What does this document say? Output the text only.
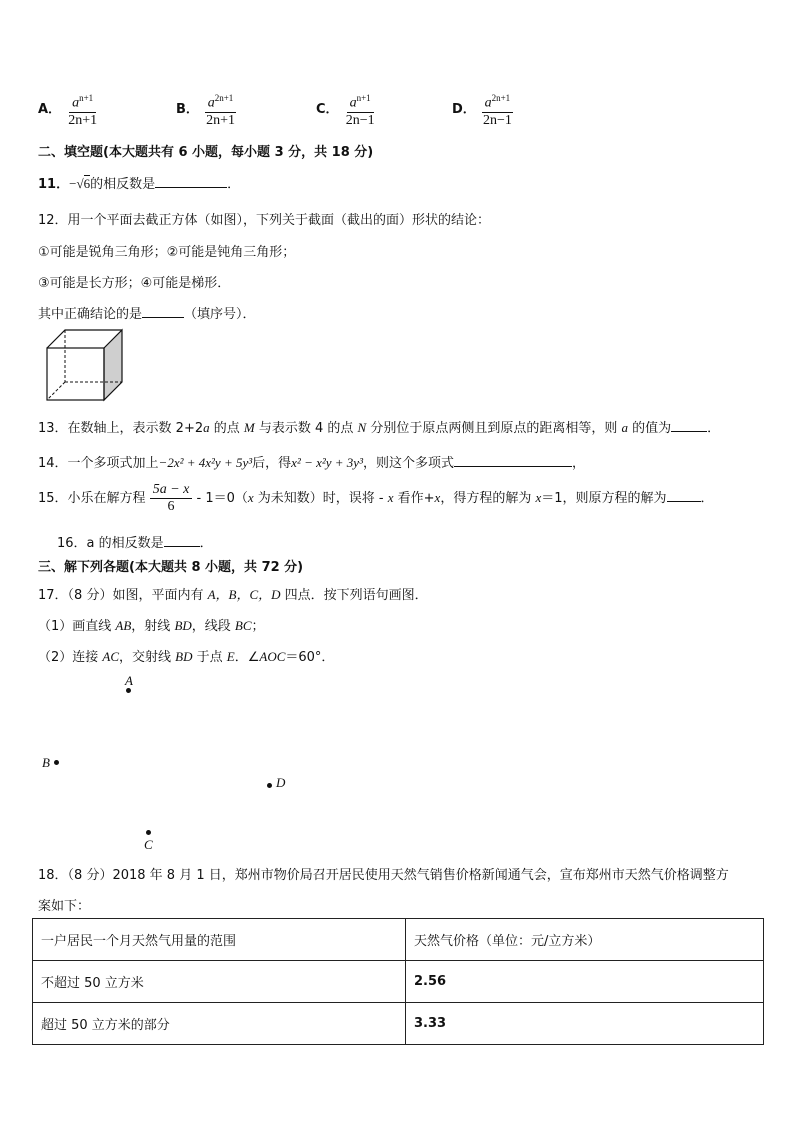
A． $\frac{a^{n+1}}{2n+1}$	B． $\frac{a^{2n+1}}{2n+1}$	C． $\frac{a^{n+1}}{2n-1}$	D． $\frac{a^{2n+1}}{2n-1}$
二、填空题(本大题共有 6 小题，每小题 3 分，共 18 分)
11．−√6的相反数是	．
12．用一个平面去截正方体（如图），下列关于截面（截出的面）形状的结论：
①可能是锐角三角形；②可能是钝角三角形；
③可能是长方形；④可能是梯形．
其中正确结论的是	（填序号）．
13．在数轴上，表示数 2+2a 的点 M 与表示数 4 的点 N 分别位于原点两侧且到原点的距离相等，则 a 的值为	．
14．一个多项式加上−2x² + 4x²y + 5y³后，得x² − x²y + 3y³，则这个多项式	，
15．小乐在解方程 $\frac{5a - x}{6} - 1=0(x$ 为未知数）时，误将 - x 看作+x，得方程的解为 x＝1，则原方程的解为	．
16．a 的相反数是	．
三、解下列各题(本大题共 8 小题，共 72 分)
17．（8 分）如图，平面内有 A，B，C，D 四点．按下列语句画图．
（1）画直线 AB，射线 BD，线段 BC；
（2）连接 AC，交射线 BD 于点 E．∠AOC＝60°．
A
B
D
C
18．（8 分）2018 年 8 月 1 日，郑州市物价局召开居民使用天然气销售价格新闻通气会，宣布郑州市天然气价格调整方
案如下：
一户居民一个月天然气用量的范围	天然气价格（单位：元/立方米）
不超过 50 立方米	2.56
超过 50 立方米的部分	3.33
